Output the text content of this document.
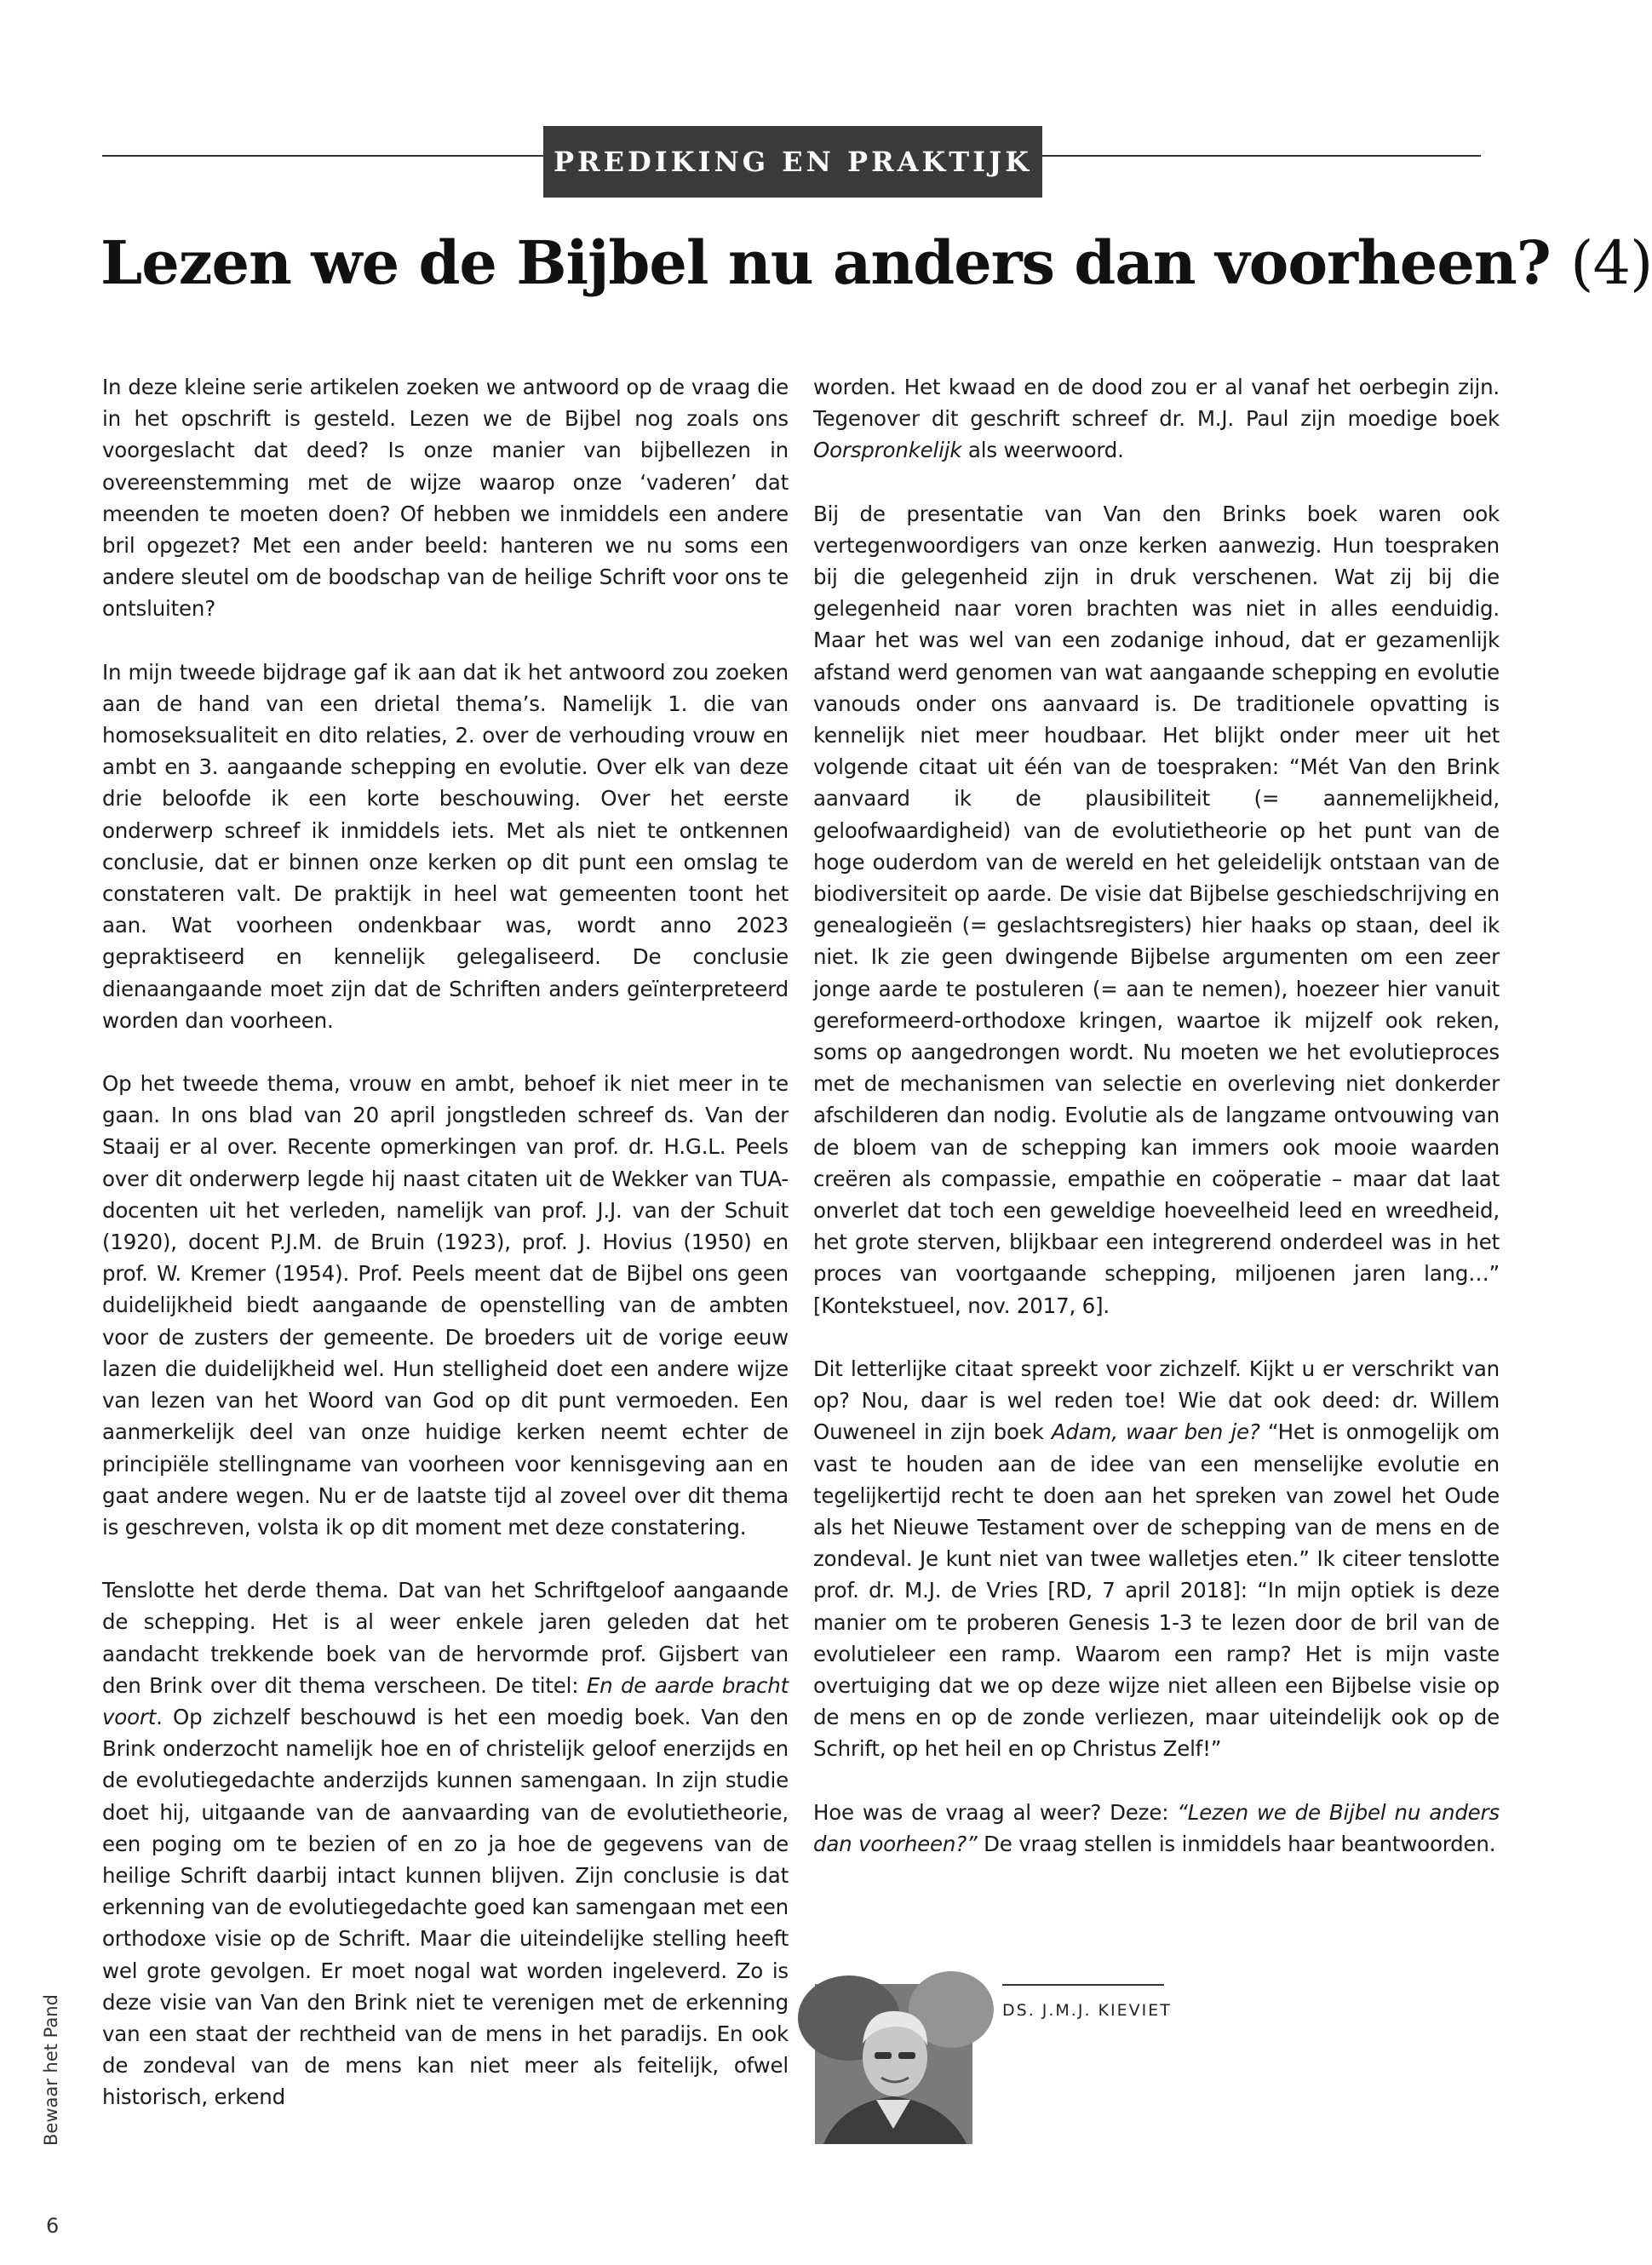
PREDIKING EN PRAKTIJK
Lezen we de Bijbel nu anders dan voorheen? (4)

In deze kleine serie artikelen zoeken we antwoord op de vraag die in het opschrift is gesteld. Lezen we de Bijbel nog zoals ons voorgeslacht dat deed? Is onze manier van bijbellezen in overeenstemming met de wijze waarop onze ‘vaderen’ dat meenden te moeten doen? Of hebben we inmiddels een andere bril opgezet? Met een ander beeld: hanteren we nu soms een andere sleutel om de boodschap van de heilige Schrift voor ons te ontsluiten?

In mijn tweede bijdrage gaf ik aan dat ik het antwoord zou zoeken aan de hand van een drietal thema’s. Namelijk 1. die van homoseksualiteit en dito relaties, 2. over de verhouding vrouw en ambt en 3. aangaande schepping en evolutie. Over elk van deze drie beloofde ik een korte beschouwing. Over het eerste onderwerp schreef ik inmiddels iets. Met als niet te ontkennen conclusie, dat er binnen onze kerken op dit punt een omslag te constateren valt. De praktijk in heel wat gemeenten toont het aan. Wat voorheen ondenkbaar was, wordt anno 2023 gepraktiseerd en kennelijk gelegaliseerd. De conclusie dienaangaande moet zijn dat de Schriften anders geïnterpreteerd worden dan voorheen.

Op het tweede thema, vrouw en ambt, behoef ik niet meer in te gaan. In ons blad van 20 april jongstleden schreef ds. Van der Staaij er al over. Recente opmerkingen van prof. dr. H.G.L. Peels over dit onderwerp legde hij naast citaten uit de Wekker van TUA-docenten uit het verleden, namelijk van prof. J.J. van der Schuit (1920), docent P.J.M. de Bruin (1923), prof. J. Hovius (1950) en prof. W. Kremer (1954). Prof. Peels meent dat de Bijbel ons geen duidelijkheid biedt aangaande de openstelling van de ambten voor de zusters der gemeente. De broeders uit de vorige eeuw lazen die duidelijkheid wel. Hun stelligheid doet een andere wijze van lezen van het Woord van God op dit punt vermoeden. Een aanmerkelijk deel van onze huidige kerken neemt echter de principiële stellingname van voorheen voor kennisgeving aan en gaat andere wegen. Nu er de laatste tijd al zoveel over dit thema is geschreven, volsta ik op dit moment met deze constatering.

Tenslotte het derde thema. Dat van het Schriftgeloof aangaande de schepping. Het is al weer enkele jaren geleden dat het aandacht trekkende boek van de hervormde prof. Gijsbert van den Brink over dit thema verscheen. De titel: En de aarde bracht voort. Op zichzelf beschouwd is het een moedig boek. Van den Brink onderzocht namelijk hoe en of christelijk geloof enerzijds en de evolutiegedachte anderzijds kunnen samengaan. In zijn studie doet hij, uitgaande van de aanvaarding van de evolutietheorie, een poging om te bezien of en zo ja hoe de gegevens van de heilige Schrift daarbij intact kunnen blijven. Zijn conclusie is dat erkenning van de evolutiegedachte goed kan samengaan met een orthodoxe visie op de Schrift. Maar die uiteindelijke stelling heeft wel grote gevolgen. Er moet nogal wat worden ingeleverd. Zo is deze visie van Van den Brink niet te verenigen met de erkenning van een staat der rechtheid van de mens in het paradijs. En ook de zondeval van de mens kan niet meer als feitelijk, ofwel historisch, erkend

worden. Het kwaad en de dood zou er al vanaf het oerbegin zijn. Tegenover dit geschrift schreef dr. M.J. Paul zijn moedige boek Oorspronkelijk als weerwoord.

Bij de presentatie van Van den Brinks boek waren ook vertegenwoordigers van onze kerken aanwezig. Hun toespraken bij die gelegenheid zijn in druk verschenen. Wat zij bij die gelegenheid naar voren brachten was niet in alles eenduidig. Maar het was wel van een zodanige inhoud, dat er gezamenlijk afstand werd genomen van wat aangaande schepping en evolutie vanouds onder ons aanvaard is. De traditionele opvatting is kennelijk niet meer houdbaar. Het blijkt onder meer uit het volgende citaat uit één van de toespraken: “Mét Van den Brink aanvaard ik de plausibiliteit (= aannemelijkheid, geloofwaardigheid) van de evolutietheorie op het punt van de hoge ouderdom van de wereld en het geleidelijk ontstaan van de biodiversiteit op aarde. De visie dat Bijbelse geschiedschrijving en genealogieën (= geslachtsregisters) hier haaks op staan, deel ik niet. Ik zie geen dwingende Bijbelse argumenten om een zeer jonge aarde te postuleren (= aan te nemen), hoezeer hier vanuit gereformeerd-orthodoxe kringen, waartoe ik mijzelf ook reken, soms op aangedrongen wordt. Nu moeten we het evolutieproces met de mechanismen van selectie en overleving niet donkerder afschilderen dan nodig. Evolutie als de langzame ontvouwing van de bloem van de schepping kan immers ook mooie waarden creëren als compassie, empathie en coöperatie – maar dat laat onverlet dat toch een geweldige hoeveelheid leed en wreedheid, het grote sterven, blijkbaar een integrerend onderdeel was in het proces van voortgaande schepping, miljoenen jaren lang…” [Kontekstueel, nov. 2017, 6].

Dit letterlijke citaat spreekt voor zichzelf. Kijkt u er verschrikt van op? Nou, daar is wel reden toe! Wie dat ook deed: dr. Willem Ouweneel in zijn boek Adam, waar ben je? “Het is onmogelijk om vast te houden aan de idee van een menselijke evolutie en tegelijkertijd recht te doen aan het spreken van zowel het Oude als het Nieuwe Testament over de schepping van de mens en de zondeval. Je kunt niet van twee walletjes eten.” Ik citeer tenslotte prof. dr. M.J. de Vries [RD, 7 april 2018]: “In mijn optiek is deze manier om te proberen Genesis 1-3 te lezen door de bril van de evolutieleer een ramp. Waarom een ramp? Het is mijn vaste overtuiging dat we op deze wijze niet alleen een Bijbelse visie op de mens en op de zonde verliezen, maar uiteindelijk ook op de Schrift, op het heil en op Christus Zelf!”

Hoe was de vraag al weer? Deze: “Lezen we de Bijbel nu anders dan voorheen?” De vraag stellen is inmiddels haar beantwoorden.

DS. J.M.J. KIEVIET

Bewaar het Pand

6
